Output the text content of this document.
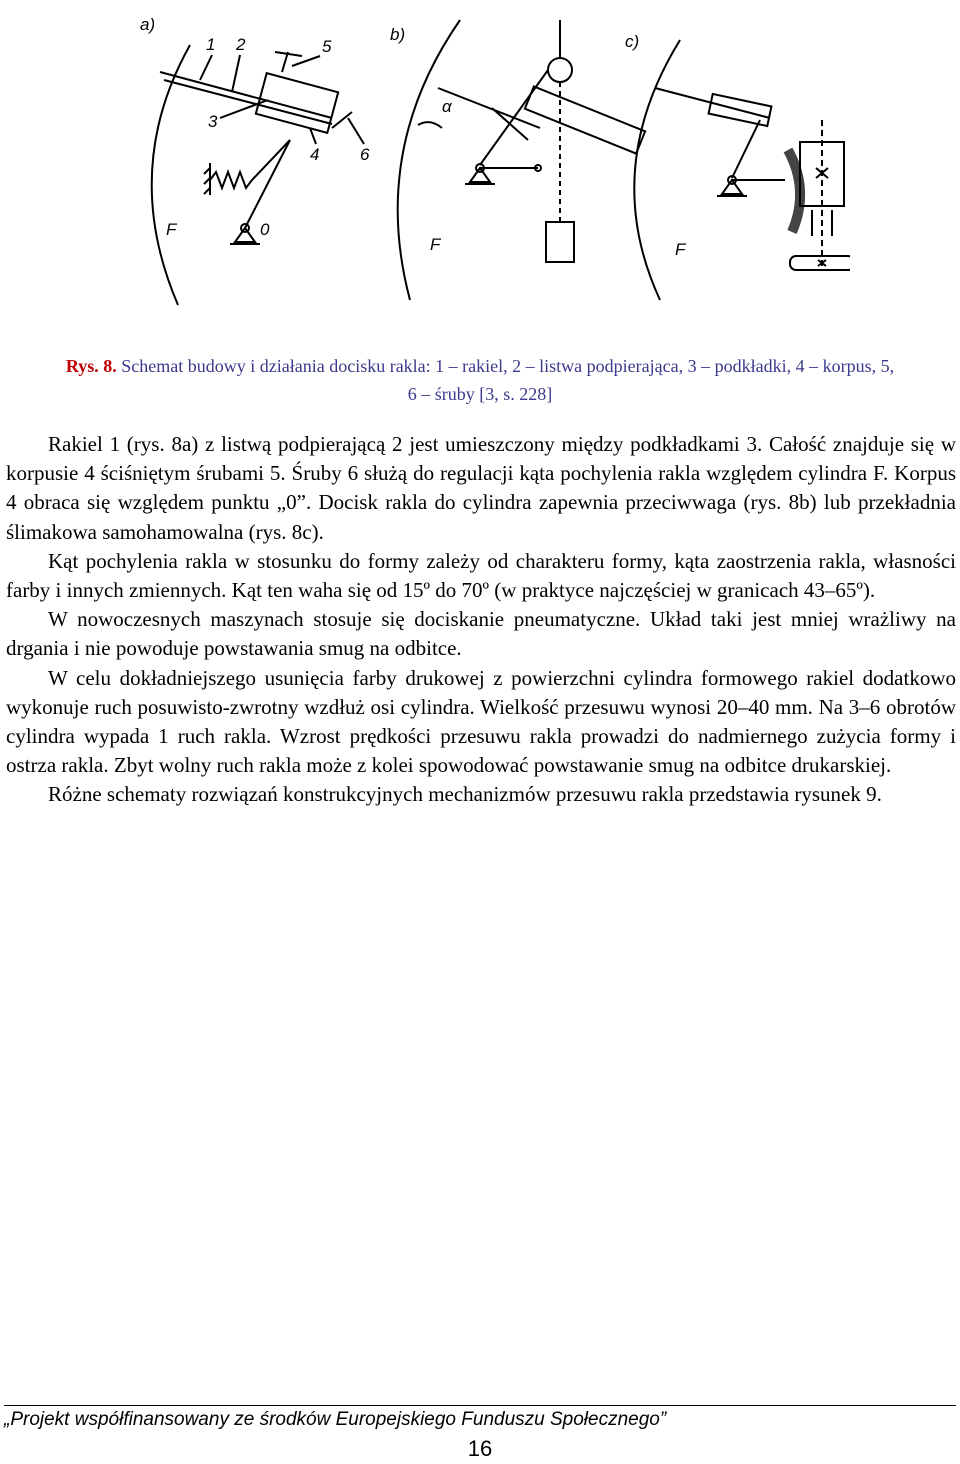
a)
1 2	5
3
4 6
0
F
b)
α
F
c)
F
Rys. 8. Schemat budowy i działania docisku rakla: 1 – rakiel, 2 – listwa podpierająca, 3 – podkładki, 4 – korpus, 5, 6 – śruby [3, s. 228]

Rakiel 1 (rys. 8a) z listwą podpierającą 2 jest umieszczony między podkładkami 3. Całość znajduje się w korpusie 4 ściśniętym śrubami 5. Śruby 6 służą do regulacji kąta pochylenia rakla względem cylindra F. Korpus 4 obraca się względem punktu „0”. Docisk rakla do cylindra zapewnia przeciwwaga (rys. 8b) lub przekładnia ślimakowa samohamowalna (rys. 8c).

Kąt pochylenia rakla w stosunku do formy zależy od charakteru formy, kąta zaostrzenia rakla, własności farby i innych zmiennych. Kąt ten waha się od 15º do 70º (w praktyce najczęściej w granicach 43–65º).

W nowoczesnych maszynach stosuje się dociskanie pneumatyczne. Układ taki jest mniej wrażliwy na drgania i nie powoduje powstawania smug na odbitce.

W celu dokładniejszego usunięcia farby drukowej z powierzchni cylindra formowego rakiel dodatkowo wykonuje ruch posuwisto-zwrotny wzdłuż osi cylindra. Wielkość przesuwu wynosi 20–40 mm. Na 3–6 obrotów cylindra wypada 1 ruch rakla. Wzrost prędkości przesuwu rakla prowadzi do nadmiernego zużycia formy i ostrza rakla. Zbyt wolny ruch rakla może z kolei spowodować powstawanie smug na odbitce drukarskiej.

Różne schematy rozwiązań konstrukcyjnych mechanizmów przesuwu rakla przedstawia rysunek 9.

„Projekt współfinansowany ze środków Europejskiego Funduszu Społecznego”
16
